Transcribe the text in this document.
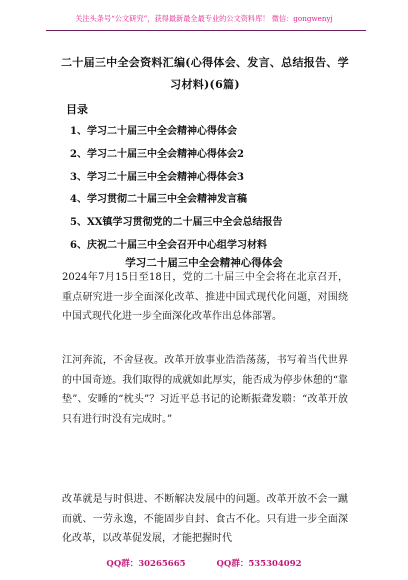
关注头条号“公文研究”，获得最新最全最专业的公文资料库！ 微信：gongwenyj
二十届三中全会资料汇编(心得体会、发言、总结报告、学习材料)(6篇)
目录
1、学习二十届三中全会精神心得体会
2、学习二十届三中全会精神心得体会2
3、学习二十届三中全会精神心得体会3
4、学习贯彻二十届三中全会精神发言稿
5、XX镇学习贯彻党的二十届三中全会总结报告
6、庆祝二十届三中全会召开中心组学习材料
学习二十届三中全会精神心得体会

2024年7月15日至18日，党的二十届三中全会将在北京召开，重点研究进一步全面深化改革、推进中国式现代化问题，对围绕中国式现代化进一步全面深化改革作出总体部署。

江河奔流，不舍昼夜。改革开放事业浩浩荡荡，书写着当代世界的中国奇迹。我们取得的成就如此厚实，能否成为停步休憩的“靠垫”、安睡的“枕头”？习近平总书记的论断振聋发聩：“改革开放只有进行时没有完成时。”

改革就是与时俱进、不断解决发展中的问题。改革开放不会一蹴而就、一劳永逸，不能固步自封、食古不化。只有进一步全面深化改革，以改革促发展，才能把握时代

QQ群：30265665	QQ群：535304092
